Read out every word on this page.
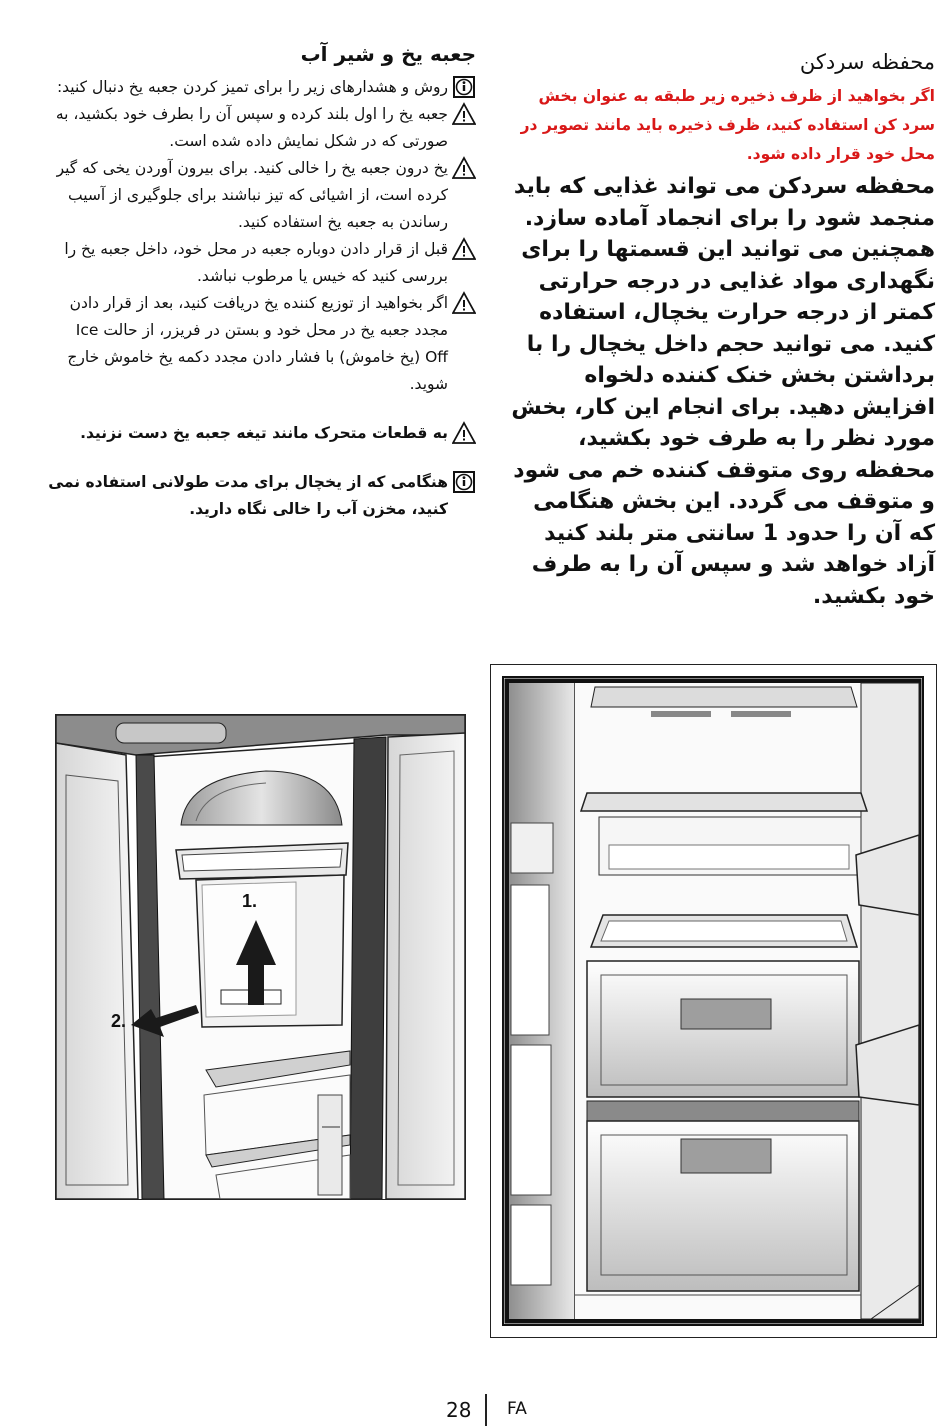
محفظه سردکن
اگر بخواهید از ظرف ذخیره زیر طبقه به عنوان بخش سرد کن استفاده کنید، ظرف ذخیره باید مانند تصویر در محل خود قرار داده شود.
محفظه سردکن می تواند غذایی که باید منجمد شود را برای انجماد آماده سازد. همچنین می توانید این قسمتها را برای نگهداری مواد غذایی در درجه حرارتی کمتر از درجه حرارت یخچال، استفاده کنید. می توانید حجم داخل یخچال را با برداشتن بخش خنک کننده دلخواه افزایش دهید. برای انجام این کار، بخش مورد نظر را به طرف خود بکشید، محفظه روی متوقف کننده خم می شود و متوقف می گردد. این بخش هنگامی که آن را حدود 1 سانتی متر بلند کنید آزاد خواهد شد و سپس آن را به طرف خود بکشید.
جعبه یخ و شیر آب
روش و هشدارهای زیر را برای تمیز کردن جعبه یخ دنبال کنید:
جعبه یخ را اول بلند کرده و سپس آن را بطرف خود بکشید، به صورتی که در شکل نمایش داده شده است.
یخ درون جعبه یخ را خالی کنید. برای بیرون آوردن یخی که گیر کرده است، از اشیائی که تیز نباشند برای جلوگیری از آسیب رساندن به جعبه یخ استفاده کنید.
قبل از قرار دادن دوباره جعبه در محل خود، داخل جعبه یخ را بررسی کنید که خیس یا مرطوب نباشد.
اگر بخواهید از توزیع کننده یخ دریافت کنید، بعد از قرار دادن مجدد جعبه یخ در محل خود و بستن در فریزر، از حالت Ice Off (یخ خاموش) با فشار دادن مجدد دکمه یخ خاموش خارج شوید.
به قطعات متحرک مانند تیغه جعبه یخ دست نزنید.
هنگامی که از یخچال برای مدت طولانی استفاده نمی کنید، مخزن آب را خالی نگاه دارید.
1.
2.
28 FA
